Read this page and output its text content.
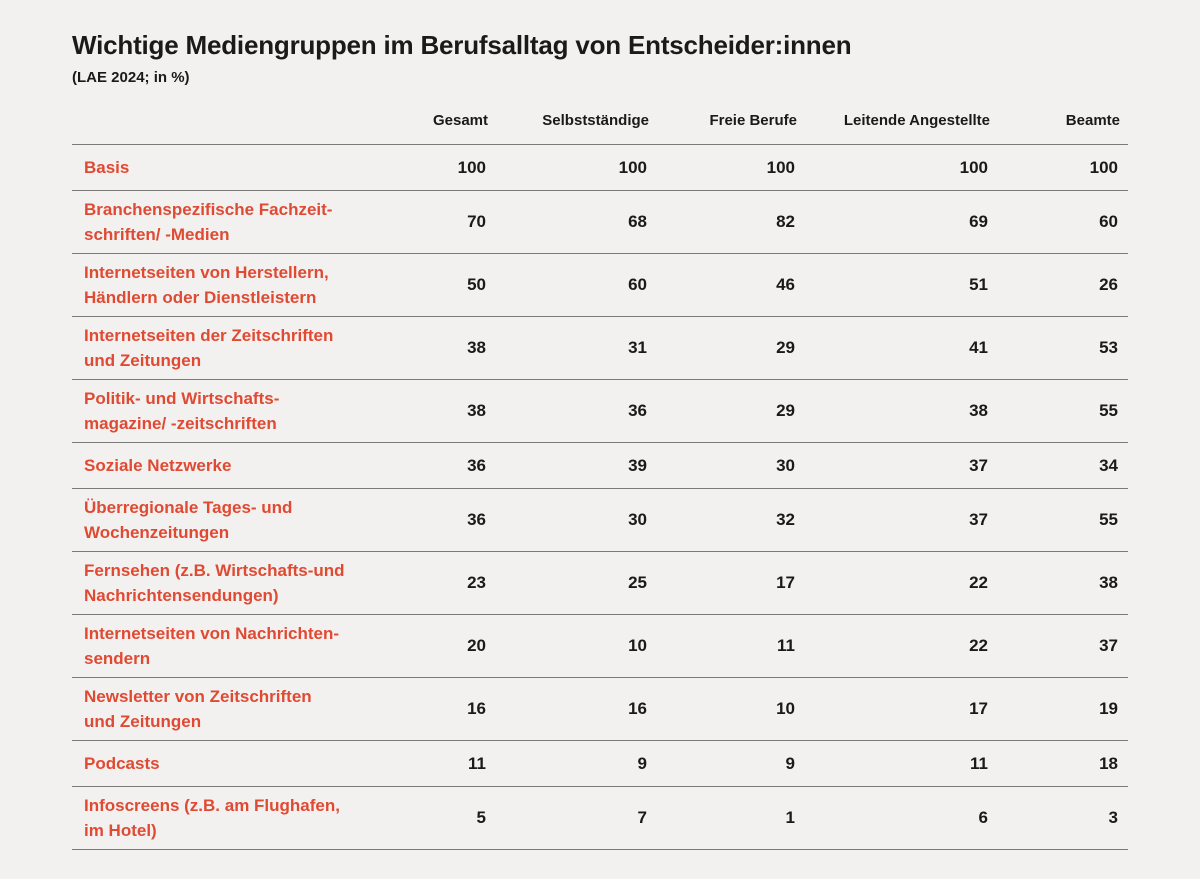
Wichtige Mediengruppen im Berufsalltag von Entscheider:innen
(LAE 2024; in %)
	Gesamt	Selbstständige	Freie Berufe	Leitende Angestellte	Beamte

Basis	100	100	100	100	100

Branchenspezifische Fachzeit-
schriften/ -Medien	70	68	82	69	60

Internetseiten von Herstellern,
Händlern oder Dienstleistern	50	60	46	51	26

Internetseiten der Zeitschriften
und Zeitungen	38	31	29	41	53

Politik- und Wirtschafts-
magazine/ -zeitschriften	38	36	29	38	55

Soziale Netzwerke	36	39	30	37	34

Überregionale Tages- und
Wochenzeitungen	36	30	32	37	55

Fernsehen (z.B. Wirtschafts-und
Nachrichtensendungen)	23	25	17	22	38

Internetseiten von Nachrichten-
sendern	20	10	11	22	37

Newsletter von Zeitschriften
und Zeitungen	16	16	10	17	19

Podcasts	11	9	9	11	18

Infoscreens (z.B. am Flughafen,
im Hotel)	5	7	1	6	3
